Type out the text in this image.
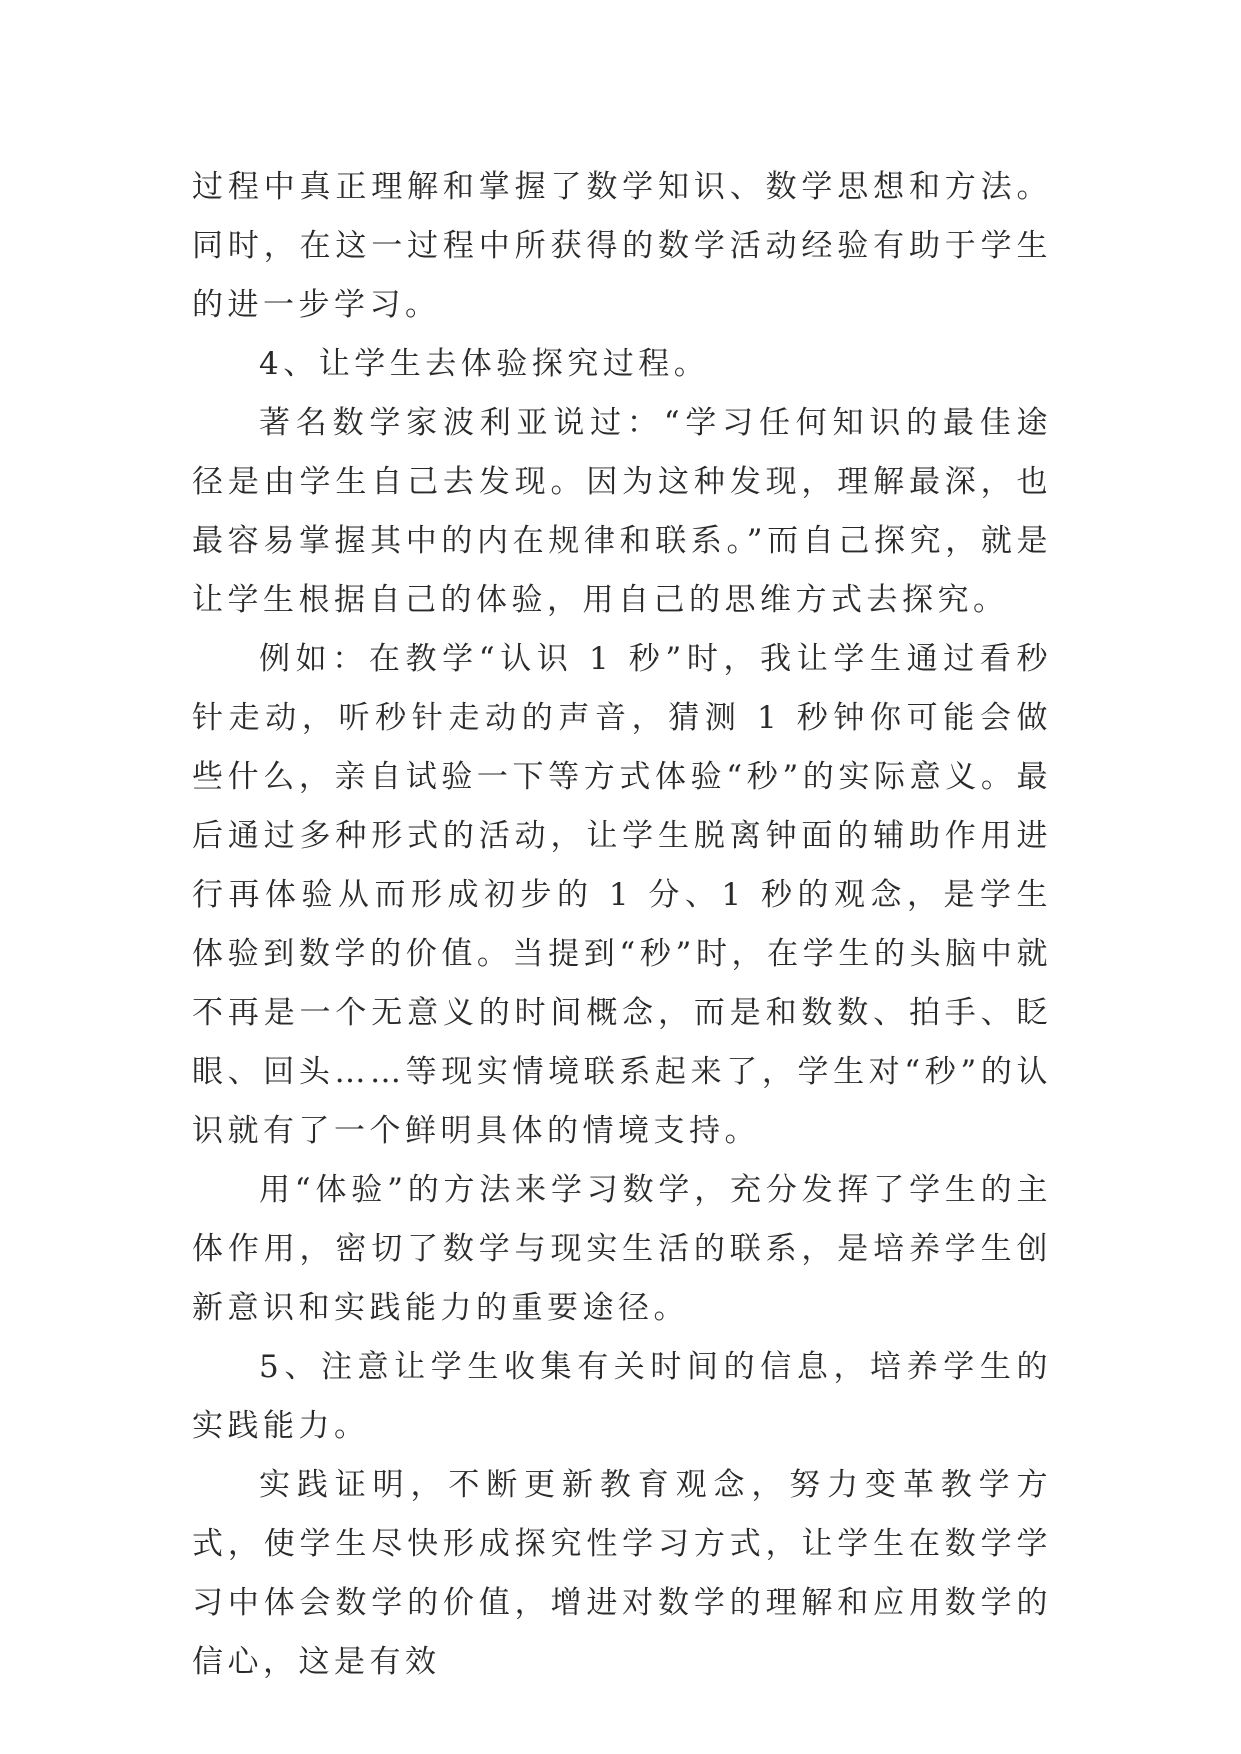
过程中真正理解和掌握了数学知识、数学思想和方法。同时，在这一过程中所获得的数学活动经验有助于学生的进一步学习。

4、让学生去体验探究过程。

著名数学家波利亚说过：“学习任何知识的最佳途径是由学生自己去发现。因为这种发现，理解最深，也最容易掌握其中的内在规律和联系。”而自己探究，就是让学生根据自己的体验，用自己的思维方式去探究。

例如：在教学“认识 1 秒”时，我让学生通过看秒针走动，听秒针走动的声音，猜测 1 秒钟你可能会做些什么，亲自试验一下等方式体验“秒”的实际意义。最后通过多种形式的活动，让学生脱离钟面的辅助作用进行再体验从而形成初步的 1 分、1 秒的观念，是学生体验到数学的价值。当提到“秒”时，在学生的头脑中就不再是一个无意义的时间概念，而是和数数、拍手、眨眼、回头……等现实情境联系起来了，学生对“秒”的认识就有了一个鲜明具体的情境支持。

用“体验”的方法来学习数学，充分发挥了学生的主体作用，密切了数学与现实生活的联系，是培养学生创新意识和实践能力的重要途径。

5、注意让学生收集有关时间的信息，培养学生的实践能力。

实践证明，不断更新教育观念，努力变革教学方式，使学生尽快形成探究性学习方式，让学生在数学学习中体会数学的价值，增进对数学的理解和应用数学的信心，这是有效
